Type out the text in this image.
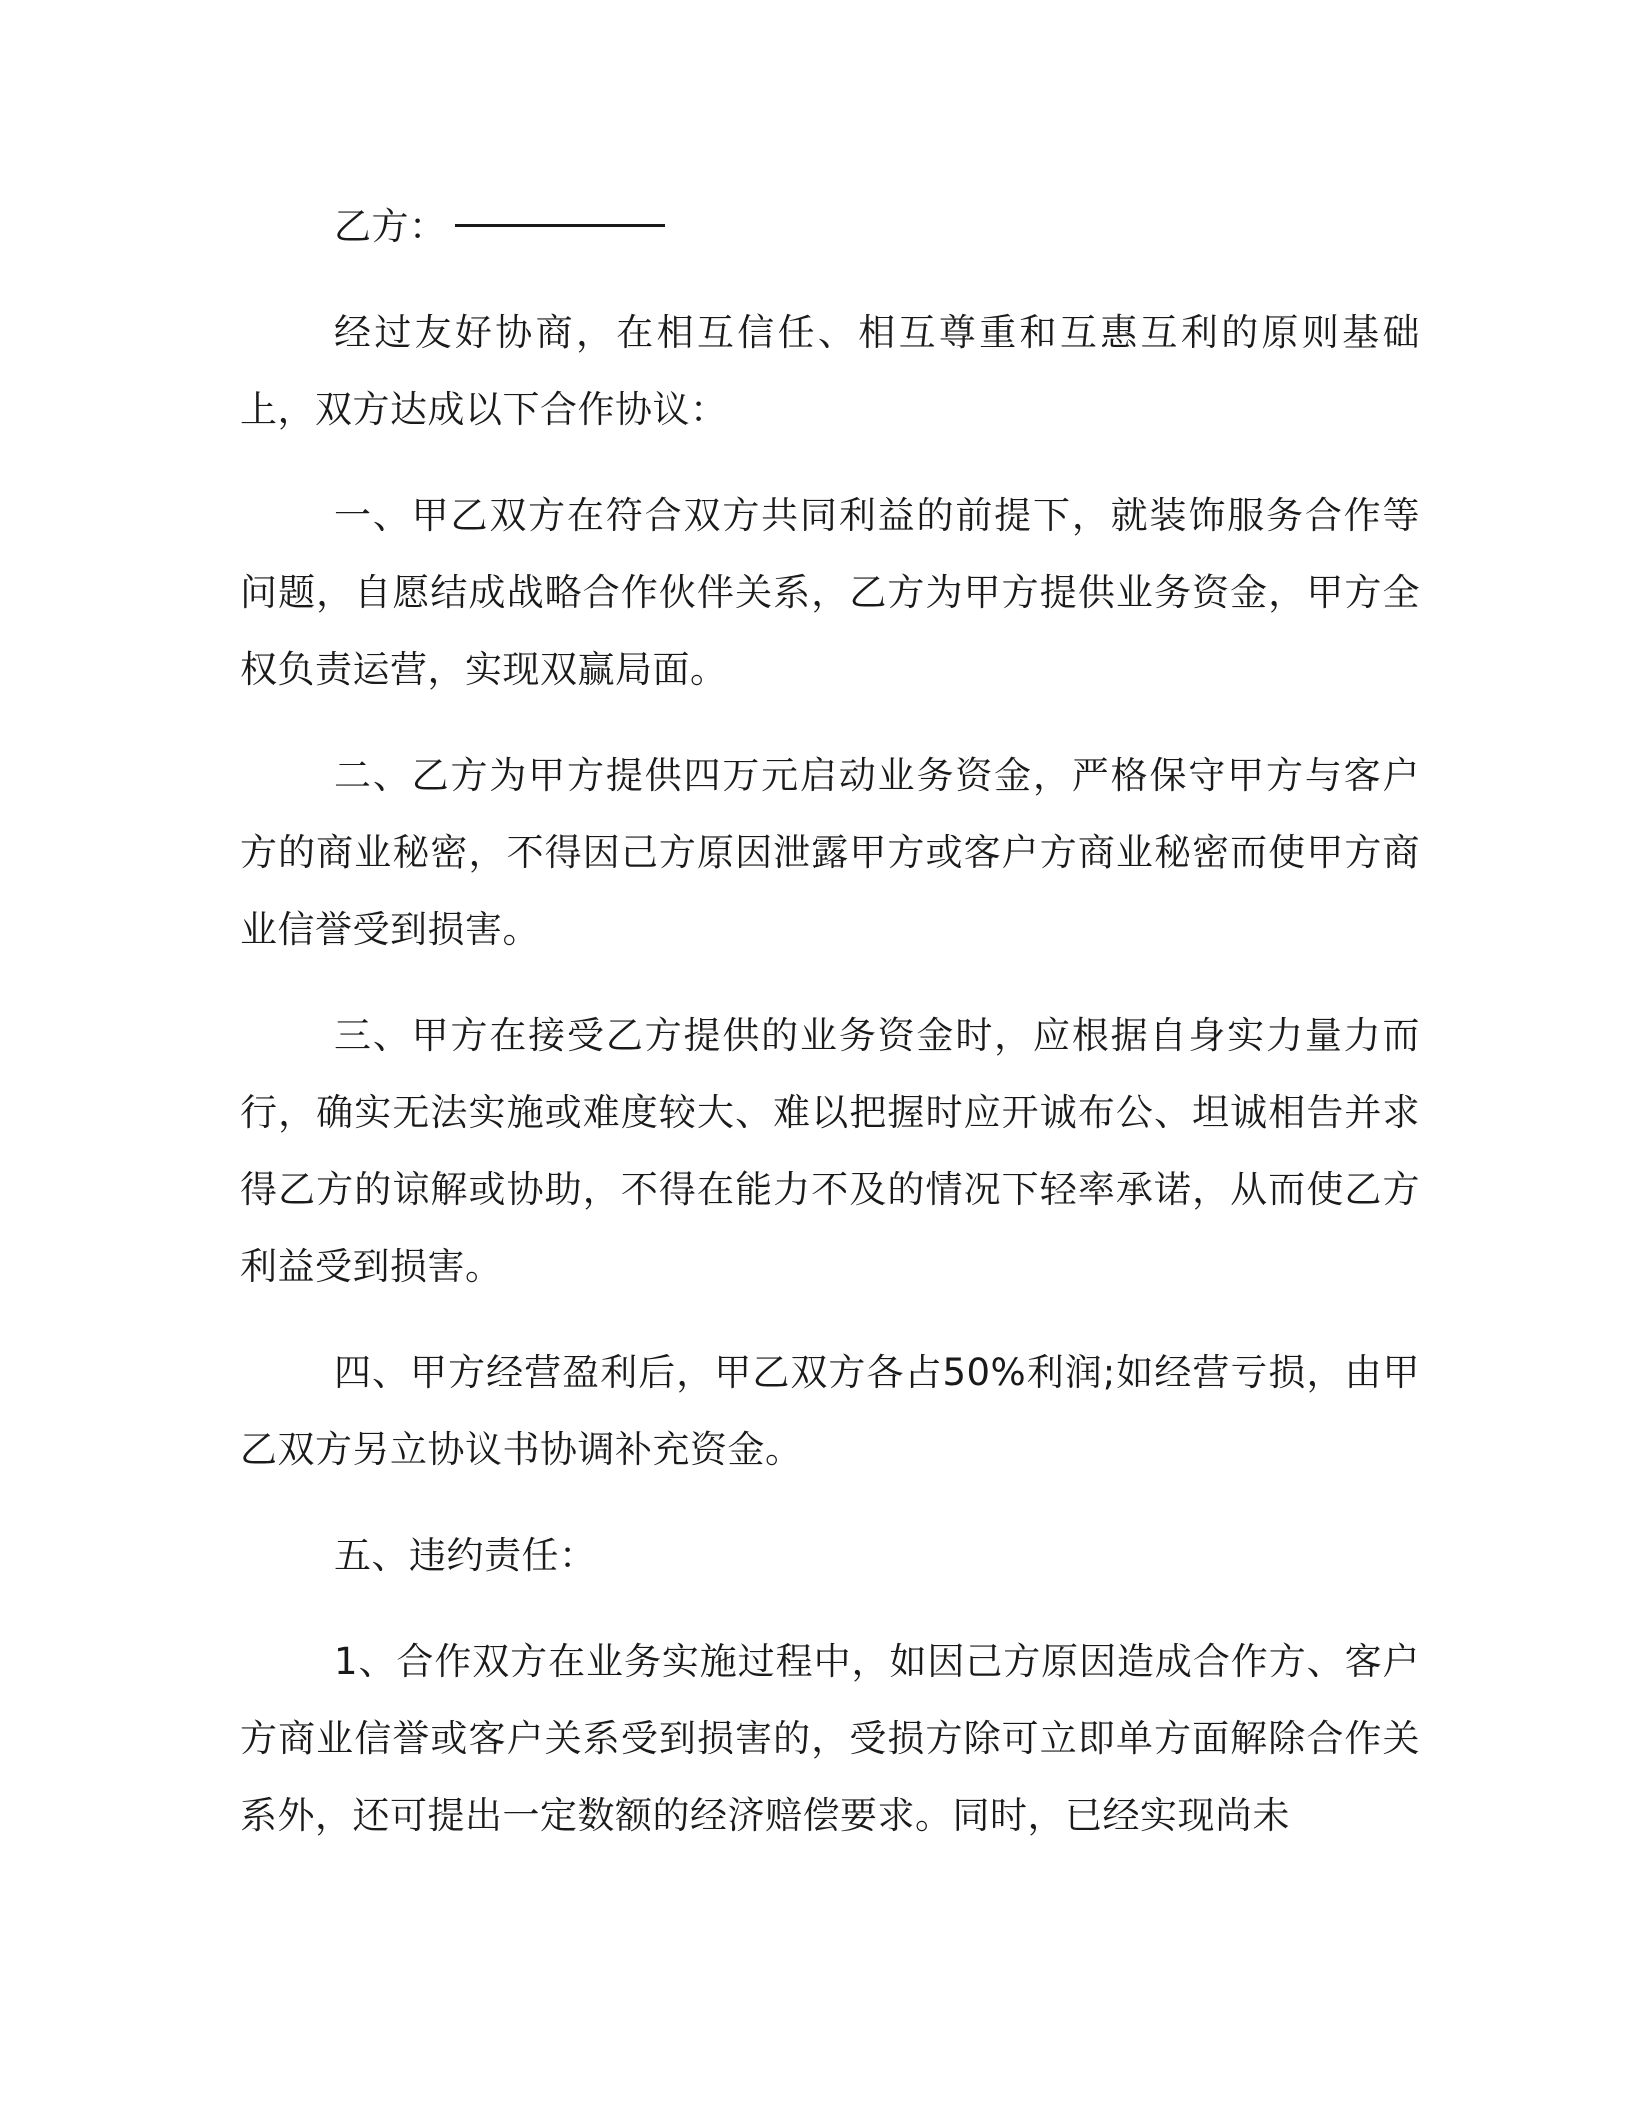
乙方：

经过友好协商，在相互信任、相互尊重和互惠互利的原则基础上，双方达成以下合作协议：

一、甲乙双方在符合双方共同利益的前提下，就装饰服务合作等问题，自愿结成战略合作伙伴关系，乙方为甲方提供业务资金，甲方全权负责运营，实现双赢局面。

二、乙方为甲方提供四万元启动业务资金，严格保守甲方与客户方的商业秘密，不得因己方原因泄露甲方或客户方商业秘密而使甲方商业信誉受到损害。

三、甲方在接受乙方提供的业务资金时，应根据自身实力量力而行，确实无法实施或难度较大、难以把握时应开诚布公、坦诚相告并求得乙方的谅解或协助，不得在能力不及的情况下轻率承诺，从而使乙方利益受到损害。

四、甲方经营盈利后，甲乙双方各占50%利润;如经营亏损，由甲乙双方另立协议书协调补充资金。

五、违约责任：

1、合作双方在业务实施过程中，如因己方原因造成合作方、客户方商业信誉或客户关系受到损害的，受损方除可立即单方面解除合作关系外，还可提出一定数额的经济赔偿要求。同时，已经实现尚未
